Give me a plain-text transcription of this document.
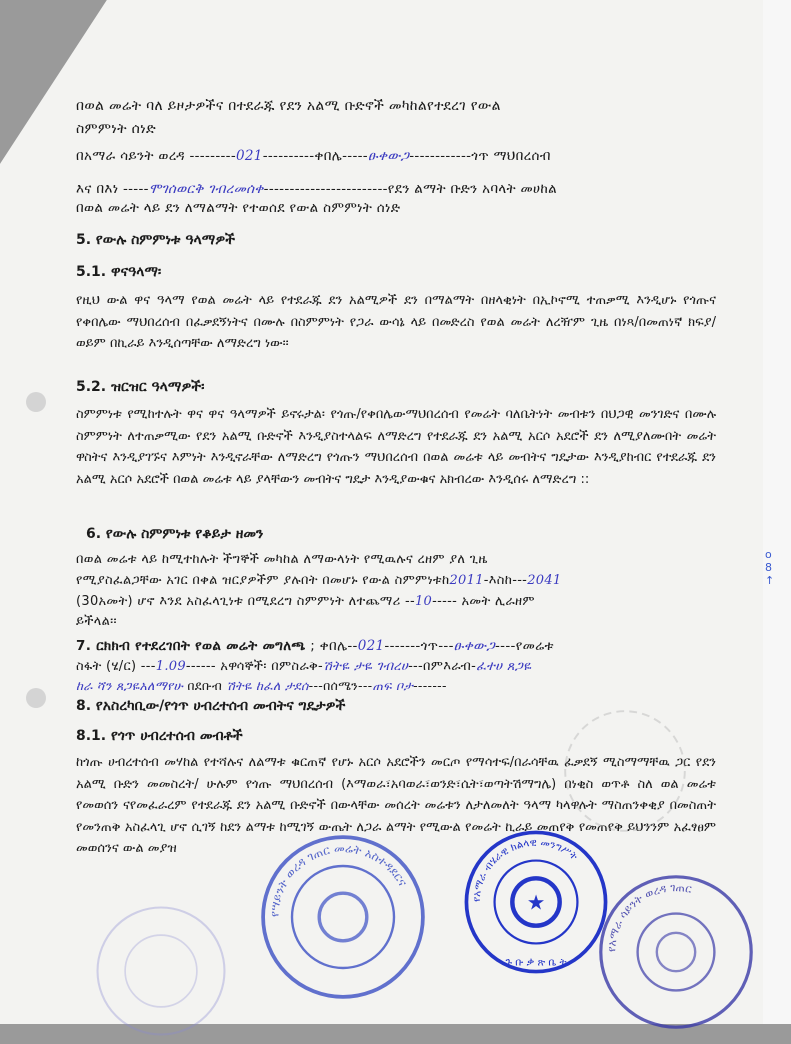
o
8
↑
በወል መሬት ባለ ይዞታዎችና በተደራጁ የደን አልሚ ቡድኖች መካከልየተደረገ የውል
ስምምነት ሰነድ
በአማራ ሳይንት ወረዳ ---------021----------ቀበሌ-----ፁቀውጋ------------ጎጥ ማህበረሰብ
እና በእነ -----ሞገሰወርቅ ገብረመሰቀ------------------------የደን ልማት ቡድን አባላት መሀከል
በወል መሬት ላይ ደን ለማልማት የተወሰደ የውል ስምምነት ሰነድ
5. የውሉ ስምምነቱ ዓላማዎች
5.1. ዋናዓላማ፡
የዚህ ውል ዋና ዓላማ የወል መሬት ላይ የተደራጁ ደን አልሚዎች ደን በማልማት በዘላቂነት በኢኮኖሚ ተጠቃሚ እንዲሆኑ የጎጡና የቀበሌው ማህበረሰብ በፈቃደኝነትና በሙሉ በስምምነት የጋራ ውሳኔ ላይ በመድረስ የወል መሬት ለረዥም ጊዜ በነጻ/በመጠነኛ ክፍያ/ ወይም በኪራይ እንዲሰጣቸው ለማድረግ ነው፡፡
5.2. ዝርዝር ዓላማዎች፡
ስምምነቱ የሚከተሉት ዋና ዋና ዓላማዎች ይኖሩታል፡ የጎጡ/የቀበሌውማህበረሰብ የመሬት ባለቤትነት መብቱን በህጋዊ መንገድና በሙሉ ስምምነት ለተጠቃሚው የደን አልሚ ቡድኖች እንዲያስተላልፍ ለማድረግ የተደራጁ ደን አልሚ አርሶ አደሮች ደን ለሚያለሙበት መሬት ዋስትና እንዲያገኙና እምነት እንዲኖራቸው ለማድረግ የጎጡን ማህበረሰብ በወል መሬቱ ላይ መብትና ግዴታው እንዲያከብር የተደራጁ ደን አልሚ አርሶ አደሮች በወል መሬቱ ላይ ያላቸውን መብትና ግዴታ እንዲያውቁና አክብረው እንዲሰሩ ለማድረግ ::
6. የውሉ ስምምነቱ የቆይታ ዘመን
በወል መሬቱ ላይ ከሚተከሉት ችግኞች መካከል ለማውላነት የሚዉሉና ረዘም ያለ ጊዜ
የሚያስፈልጋቸው አገር በቀል ዝርያዎችም ያሉበት በመሆኑ የውል ስምምነቱከ2011-እስከ---2041
(30አመት) ሆኖ እንደ አስፈላጊነቱ በሚደረግ ስምምነት ለተጨማሪ --10----- አመት ሊራዘም
ይችላል፡፡
7. ርክክብ የተደረገበት የወል መሬት መግለጫ ; ቀበሌ--021-------ጎጥ---ፁቀውጋ----የመሬቱ
ስፋት (ሄ/ር) ---1.09------ አዋሳኞች፡ በምስራቅ-ሽትዬ ታዬ ገብረሀ---በምእራብ-ፈተሀ ጸጋዬ
ከራ ሻን ጸጋዬአለማየሁ በደቡብ ሽትዬ ከፈለ ታደሰ---በሰሜን---ጠፍ ቦታ-------
8. የአስረካቢው/የጎጥ ሀብረተሰብ መብትና ግዴታዎች
8.1. የጎጥ ሀብረተሰብ መብቶች
ከጎጡ ሀብረተሰብ መሃከል የተሻሉና ለልማቱ ቁርጠኛ የሆኑ አርሶ አደሮችን መርጦ የማሳተፍ/በራሳቸዉ ፈቃደኝ ሚስማማቸዉ ጋር የደን አልሚ ቡድን መመስረት/ ሁሉም የጎጡ ማህበረሰብ (እማወራ፣አባወራ፣ወንድ፣ሴት፣ወጣትሽማግሌ) በነቂስ ወጥቶ ስለ ወል መሬቱ የመወሰን ናየመፈራረም የተደራጁ ደን አልሚ ቡድኖች በውላቸው መሰረት መሬቱን ለታለመለት ዓላማ ካላዋሉት ማስጠንቀቂያ በመስጠት የመንጠቅ አስፈላጊ ሆኖ ሲገኝ ከደን ልማቱ ከሚገኝ ውጤት ለጋራ ልማት የሚውል የመሬት ኪራይ መጠየቅ የመጠየቅ ይህንንም አፈፃፀም መወሰንና ውል መያዝ
የሣይንት ወረዳ ገጠር መሬት አስተዳደርና
★
የአማራ ብሄራዊ ክልላዊ መንግሥት
ጉ ቡ ቃ ጽ ቤ ት
የአማራ ሳይንት ወረዳ ገጠር
